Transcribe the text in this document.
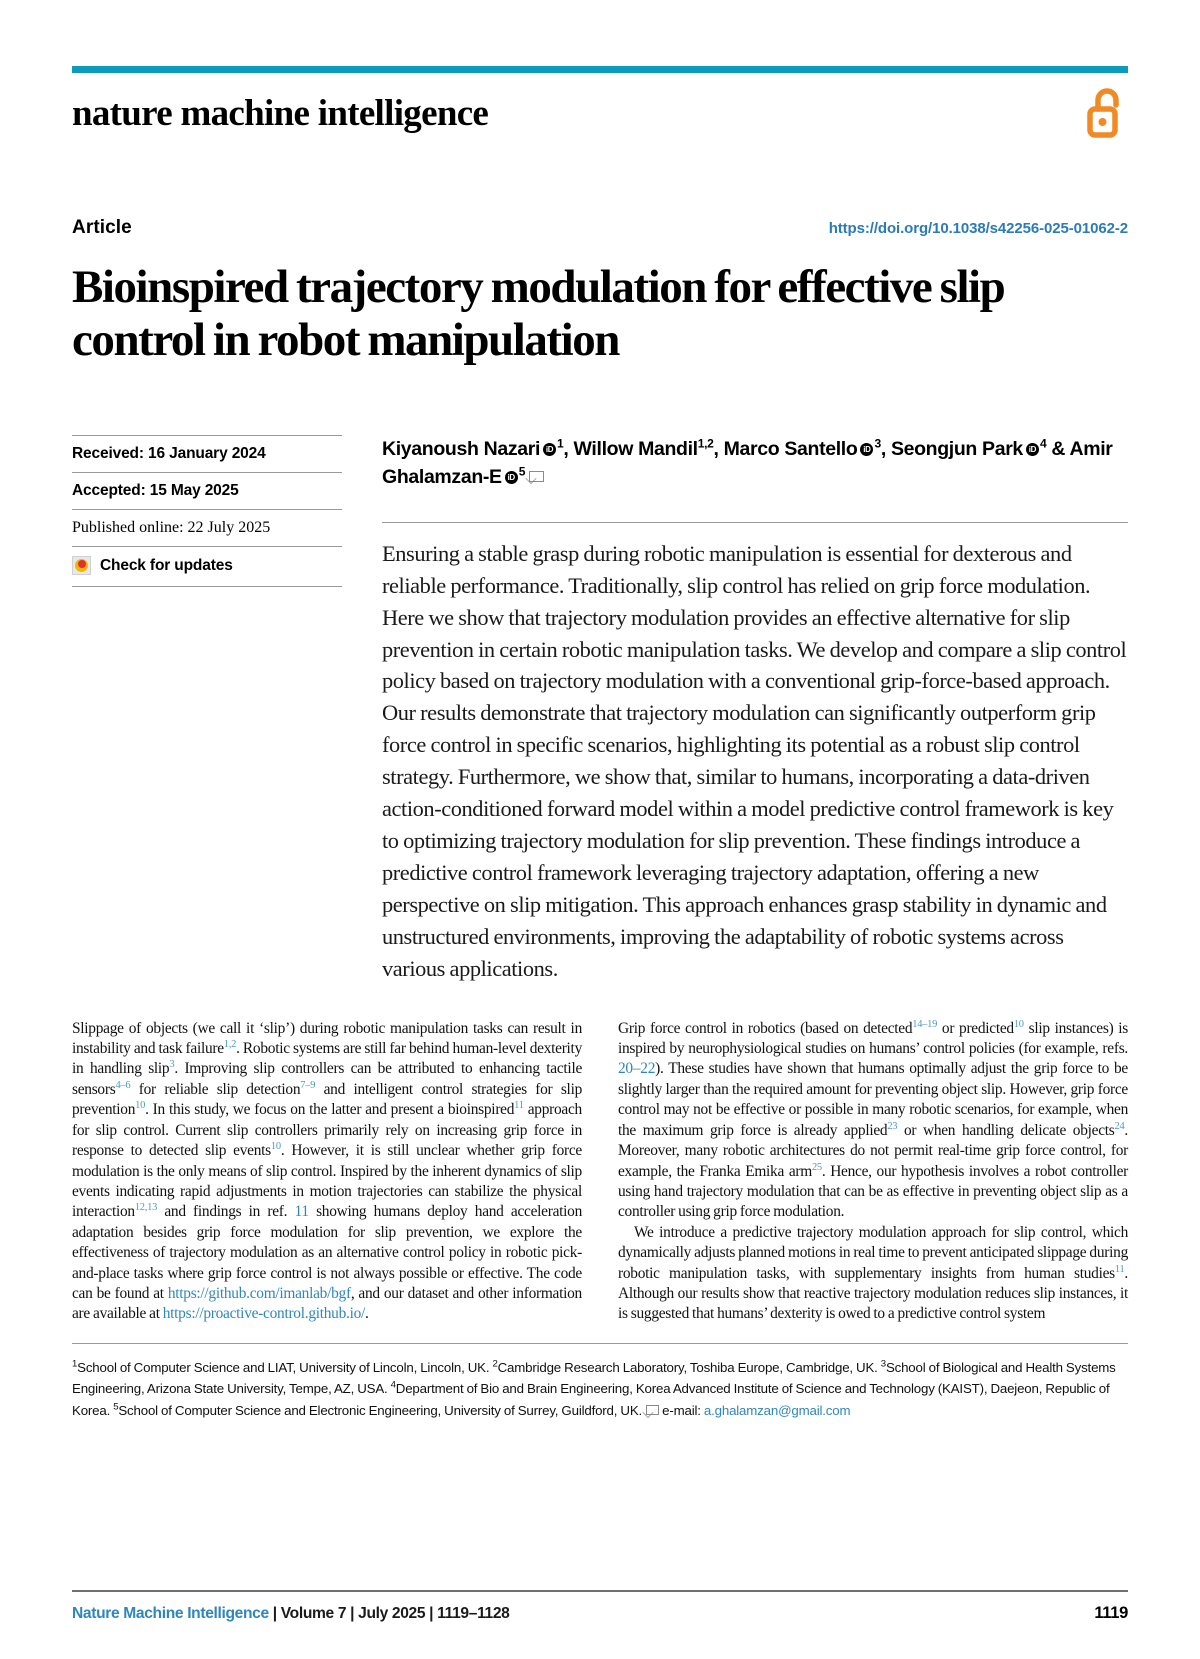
nature machine intelligence
Article	https://doi.org/10.1038/s42256-025-01062-2
Bioinspired trajectory modulation for effective slip control in robot manipulation
Received: 16 January 2024
Accepted: 15 May 2025
Published online: 22 July 2025
Check for updates
Kiyanoush Nazari iD $^1$, Willow Mandil$^{1,2}$, Marco Santello iD $^3$, Seongjun ParkiD $^4$ & Amir Ghalamzan-E iD $^5$
Ensuring a stable grasp during robotic manipulation is essential for dexterous and reliable performance. Traditionally, slip control has relied on grip force modulation. Here we show that trajectory modulation provides an effective alternative for slip prevention in certain robotic manipulation tasks. We develop and compare a slip control policy based on trajectory modulation with a conventional grip-force-based approach. Our results demonstrate that trajectory modulation can significantly outperform grip force control in specific scenarios, highlighting its potential as a robust slip control strategy. Furthermore, we show that, similar to humans, incorporating a data-driven action-conditioned forward model within a model predictive control framework is key to optimizing trajectory modulation for slip prevention. These findings introduce a predictive control framework leveraging trajectory adaptation, offering a new perspective on slip mitigation. This approach enhances grasp stability in dynamic and unstructured environments, improving the adaptability of robotic systems across various applications.

Slippage of objects (we call it ‘slip’) during robotic manipulation tasks can result in instability and task failure$^{1,2}$. Robotic systems are still far behind human-level dexterity in handling slip$^3$. Improving slip controllers can be attributed to enhancing tactile sensors$^{4-6}$ for reliable slip detection$^{7-9}$ and intelligent control strategies for slip prevention$^{10}$. In this study, we focus on the latter and present a bioinspired$^{11}$ approach for slip control. Current slip controllers primarily rely on increasing grip force in response to detected slip events$^{10}$. However, it is still unclear whether grip force modulation is the only means of slip control. Inspired by the inherent dynamics of slip events indicating rapid adjustments in motion trajectories can stabilize the physical interaction$^{12,13}$ and findings in ref. 11 showing humans deploy hand acceleration adaptation besides grip force modulation for slip prevention, we explore the effectiveness of trajectory modulation as an alternative control policy in robotic pick-and-place tasks where grip force control is not always possible or effective. The code can be found at https://github.com/imanlab/bgf, and our dataset and other information are available at https://proactive-control.github.io/.

Grip force control in robotics (based on detected$^{14-19}$ or predicted$^{10}$ slip instances) is inspired by neurophysiological studies on humans’ control policies (for example, refs. 20–22). These studies have shown that humans optimally adjust the grip force to be slightly larger than the required amount for preventing object slip. However, grip force control may not be effective or possible in many robotic scenarios, for example, when the maximum grip force is already applied$^{23}$ or when handling delicate objects$^{24}$. Moreover, many robotic architectures do not permit real-time grip force control, for example, the Franka Emika arm$^{25}$. Hence, our hypothesis involves a robot controller using hand trajectory modulation that can be as effective in preventing object slip as a controller using grip force modulation.

We introduce a predictive trajectory modulation approach for slip control, which dynamically adjusts planned motions in real time to prevent anticipated slippage during robotic manipulation tasks, with supplementary insights from human studies$^{11}$. Although our results show that reactive trajectory modulation reduces slip instances, it is suggested that humans’ dexterity is owed to a predictive control system

$^1$School of Computer Science and LIAT, University of Lincoln, Lincoln, UK. $^2$Cambridge Research Laboratory, Toshiba Europe, Cambridge, UK. $^3$School of Biological and Health Systems Engineering, Arizona State University, Tempe, AZ, USA. $^4$Department of Bio and Brain Engineering, Korea Advanced Institute of Science and Technology (KAIST), Daejeon, Republic of Korea. $^5$School of Computer Science and Electronic Engineering, University of Surrey, Guildford, UK. e-mail: a.ghalamzan@gmail.com
Nature Machine Intelligence | Volume 7 | July 2025 | 1119–1128	1119
